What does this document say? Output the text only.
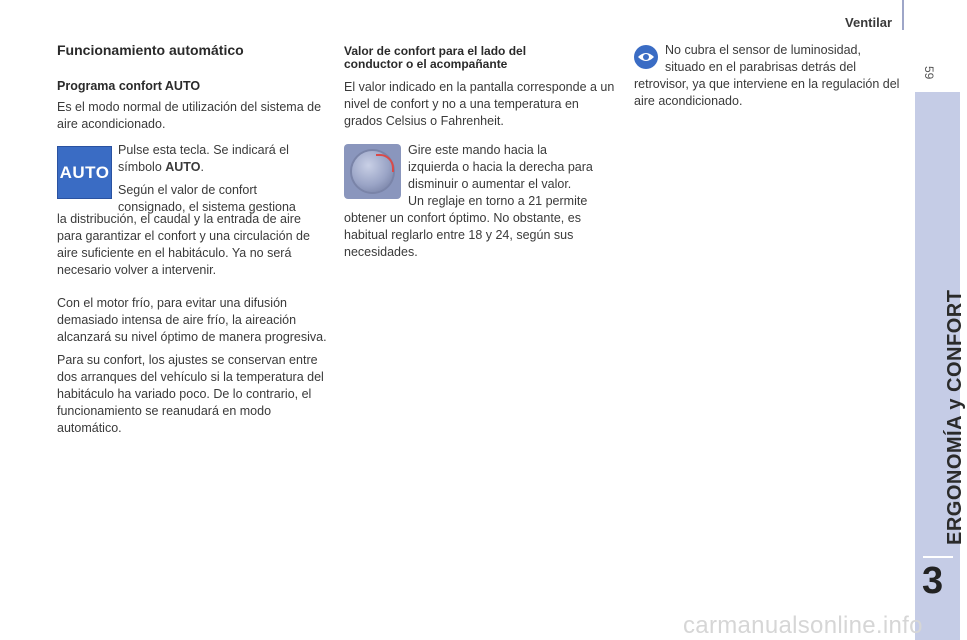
Ventilar
59
ERGONOMÍA y CONFORT
3

Funcionamiento automático

Programa confort AUTO

Es el modo normal de utilización del sistema de aire acondicionado.

AUTO

Pulse esta tecla. Se indicará el

símbolo AUTO.

Según el valor de confort

consignado, el sistema gestiona

la distribución, el caudal y la entrada de aire para garantizar el confort y una circulación de aire suficiente en el habitáculo. Ya no será necesario volver a intervenir.

Con el motor frío, para evitar una difusión demasiado intensa de aire frío, la aireación alcanzará su nivel óptimo de manera progresiva.

Para su confort, los ajustes se conservan entre dos arranques del vehículo si la temperatura del habitáculo ha variado poco. De lo contrario, el funcionamiento se reanudará en modo automático.

Valor de confort para el lado del

conductor o el acompañante

El valor indicado en la pantalla corresponde a un nivel de confort y no a una temperatura en grados Celsius o Fahrenheit.

Gire este mando hacia la

izquierda o hacia la derecha para

disminuir o aumentar el valor.

Un reglaje en torno a 21 permite

obtener un confort óptimo. No obstante, es habitual reglarlo entre 18 y 24, según sus necesidades.

No cubra el sensor de luminosidad,

situado en el parabrisas detrás del

retrovisor, ya que interviene en la regulación del aire acondicionado.

carmanualsonline.info
